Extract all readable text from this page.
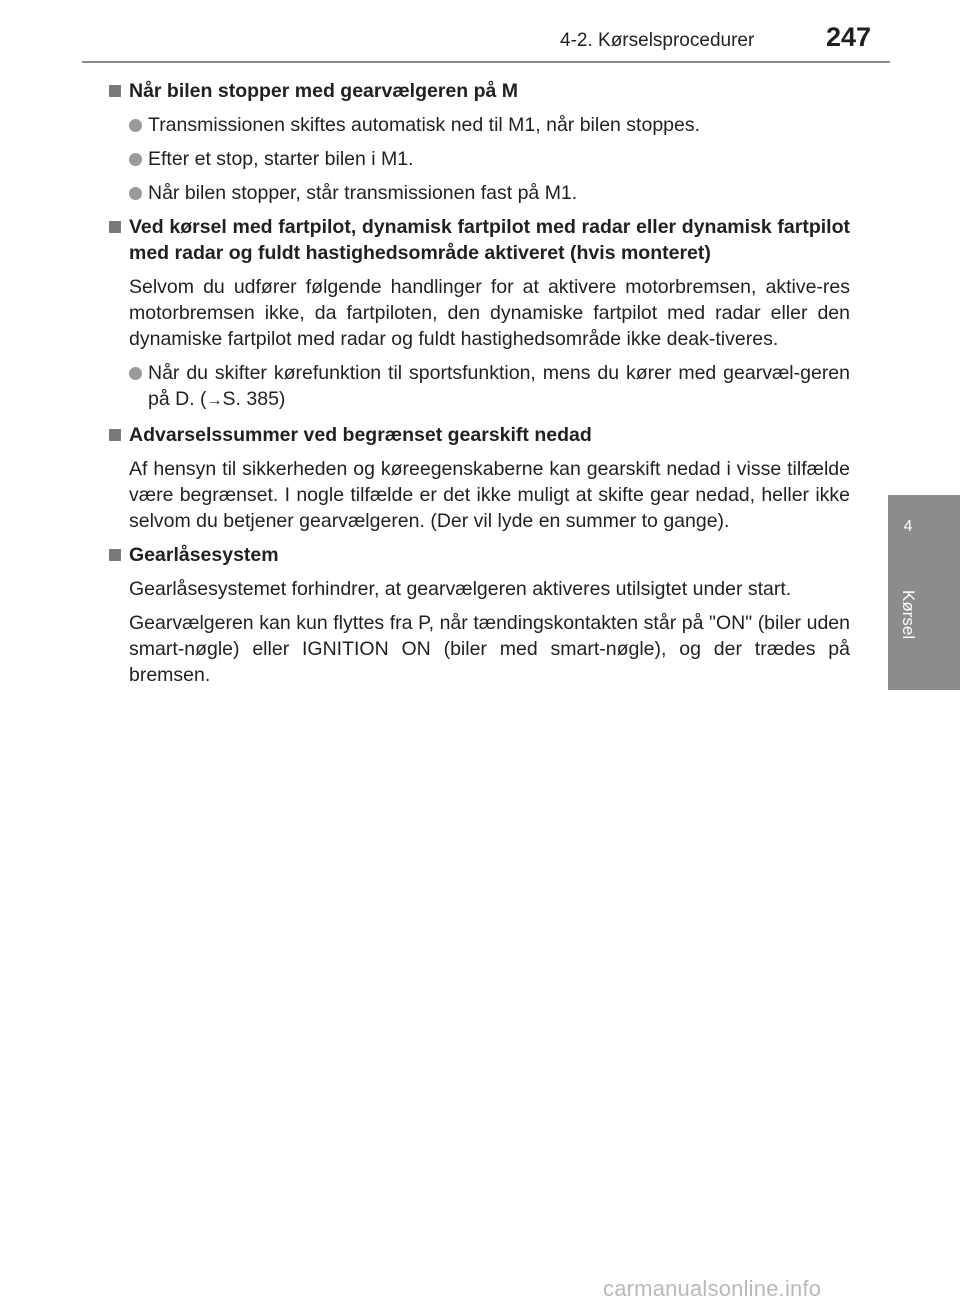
4-2. Kørselsprocedurer	247
4
Kørsel
Når bilen stopper med gearvælgeren på M
Transmissionen skiftes automatisk ned til M1, når bilen stoppes.
Efter et stop, starter bilen i M1.
Når bilen stopper, står transmissionen fast på M1.
Ved kørsel med fartpilot, dynamisk fartpilot med radar eller dynamisk fartpilot med radar og fuldt hastighedsområde aktiveret (hvis monteret)
Selvom du udfører følgende handlinger for at aktivere motorbremsen, aktive-res motorbremsen ikke, da fartpiloten, den dynamiske fartpilot med radar eller den dynamiske fartpilot med radar og fuldt hastighedsområde ikke deak-tiveres.
Når du skifter kørefunktion til sportsfunktion, mens du kører med gearvæl-geren på D. (→S. 385)
Advarselssummer ved begrænset gearskift nedad
Af hensyn til sikkerheden og køreegenskaberne kan gearskift nedad i visse tilfælde være begrænset. I nogle tilfælde er det ikke muligt at skifte gear nedad, heller ikke selvom du betjener gearvælgeren. (Der vil lyde en summer to gange).
Gearlåsesystem
Gearlåsesystemet forhindrer, at gearvælgeren aktiveres utilsigtet under start.
Gearvælgeren kan kun flyttes fra P, når tændingskontakten står på "ON" (biler uden smart-nøgle) eller IGNITION ON (biler med smart-nøgle), og der trædes på bremsen.
carmanualsonline.info
